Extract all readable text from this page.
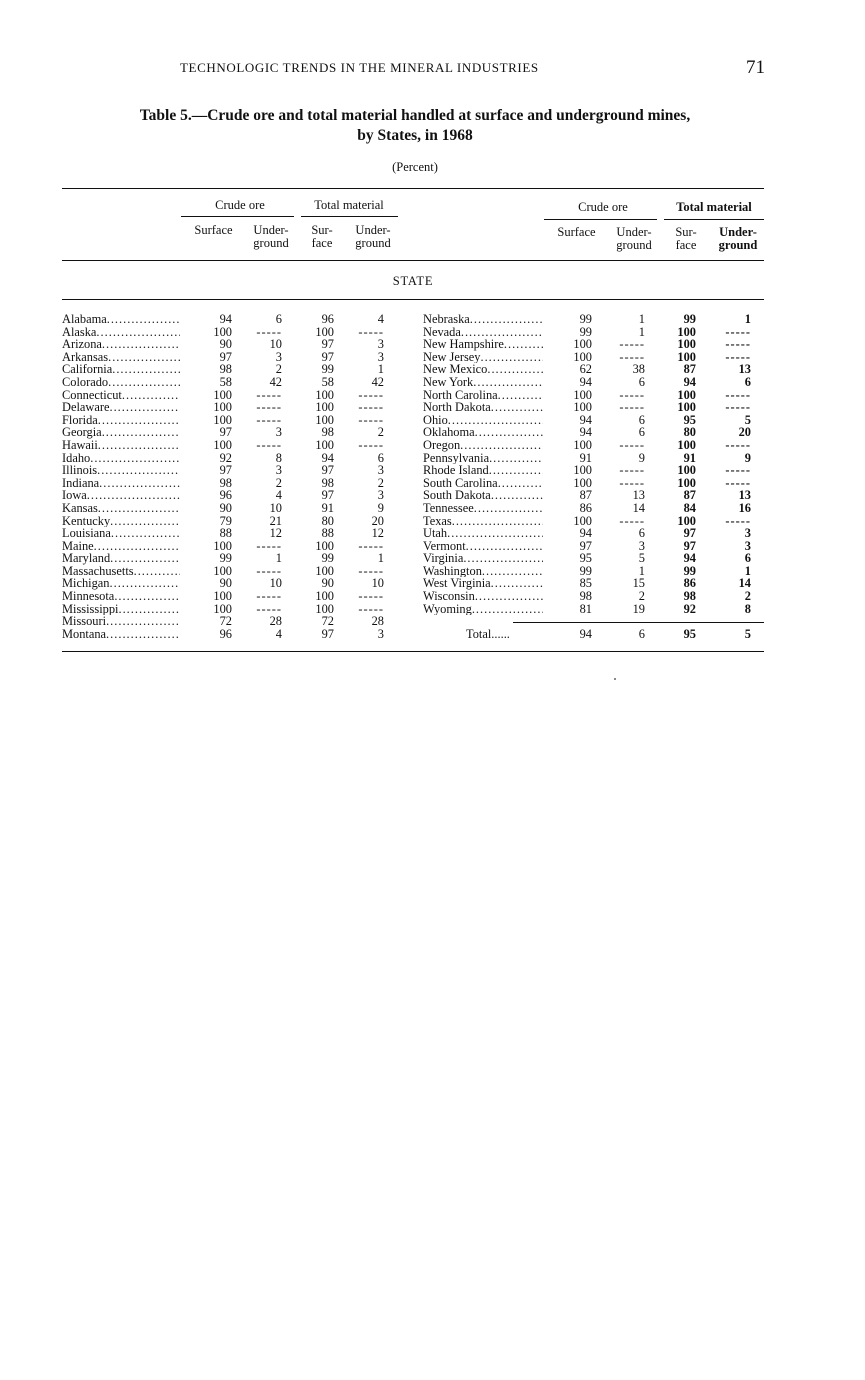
TECHNOLOGIC TRENDS IN THE MINERAL INDUSTRIES	71
Table 5.—Crude ore and total material handled at surface and underground mines,
by States, in 1968
(Percent)
Crude ore	Total material
Surface	Under-
ground
Sur-
face
Under-
ground
Crude ore	Total material
Surface	Under-
ground
Sur-
face
Under-
ground
STATE
Alabama .....	94	6	96	4
Alaska .....	100	-----	100	-----
Arizona .....	90	10	97	3
Arkansas .....	97	3	97	3
California .....	98	2	99	1
Colorado .....	58	42	58	42
Connecticut .....	100	-----	100	-----
Delaware .....	100	-----	100	-----
Florida .....	100	-----	100	-----
Georgia .....	97	3	98	2
Hawaii .....	100	-----	100	-----
Idaho .....	92	8	94	6
Illinois .....	97	3	97	3
Indiana .....	98	2	98	2
Iowa .....	96	4	97	3
Kansas .....	90	10	91	9
Kentucky .....	79	21	80	20
Louisiana .....	88	12	88	12
Maine .....	100	-----	100	-----
Maryland .....	99	1	99	1
Massachusetts .....	100	-----	100	-----
Michigan .....	90	10	90	10
Minnesota .....	100	-----	100	-----
Mississippi .....	100	-----	100	-----
Missouri .....	72	28	72	28
Montana .....	96	4	97	3
Nebraska .....	99	1	99	1
Nevada .....	99	1	100	-----
New Hampshire .....	100	-----	100	-----
New Jersey .....	100	-----	100	-----
New Mexico .....	62	38	87	13
New York .....	94	6	94	6
North Carolina .....	100	-----	100	-----
North Dakota .....	100	-----	100	-----
Ohio .....	94	6	95	5
Oklahoma .....	94	6	80	20
Oregon .....	100	-----	100	-----
Pennsylvania .....	91	9	91	9
Rhode Island .....	100	-----	100	-----
South Carolina .....	100	-----	100	-----
South Dakota .....	87	13	87	13
Tennessee .....	86	14	84	16
Texas .....	100	-----	100	-----
Utah .....	94	6	97	3
Vermont .....	97	3	97	3
Virginia .....	95	5	94	6
Washington .....	99	1	99	1
West Virginia .....	85	15	86	14
Wisconsin .....	98	2	98	2
Wyoming .....	81	19	92	8
Total......	94	6	95	5
